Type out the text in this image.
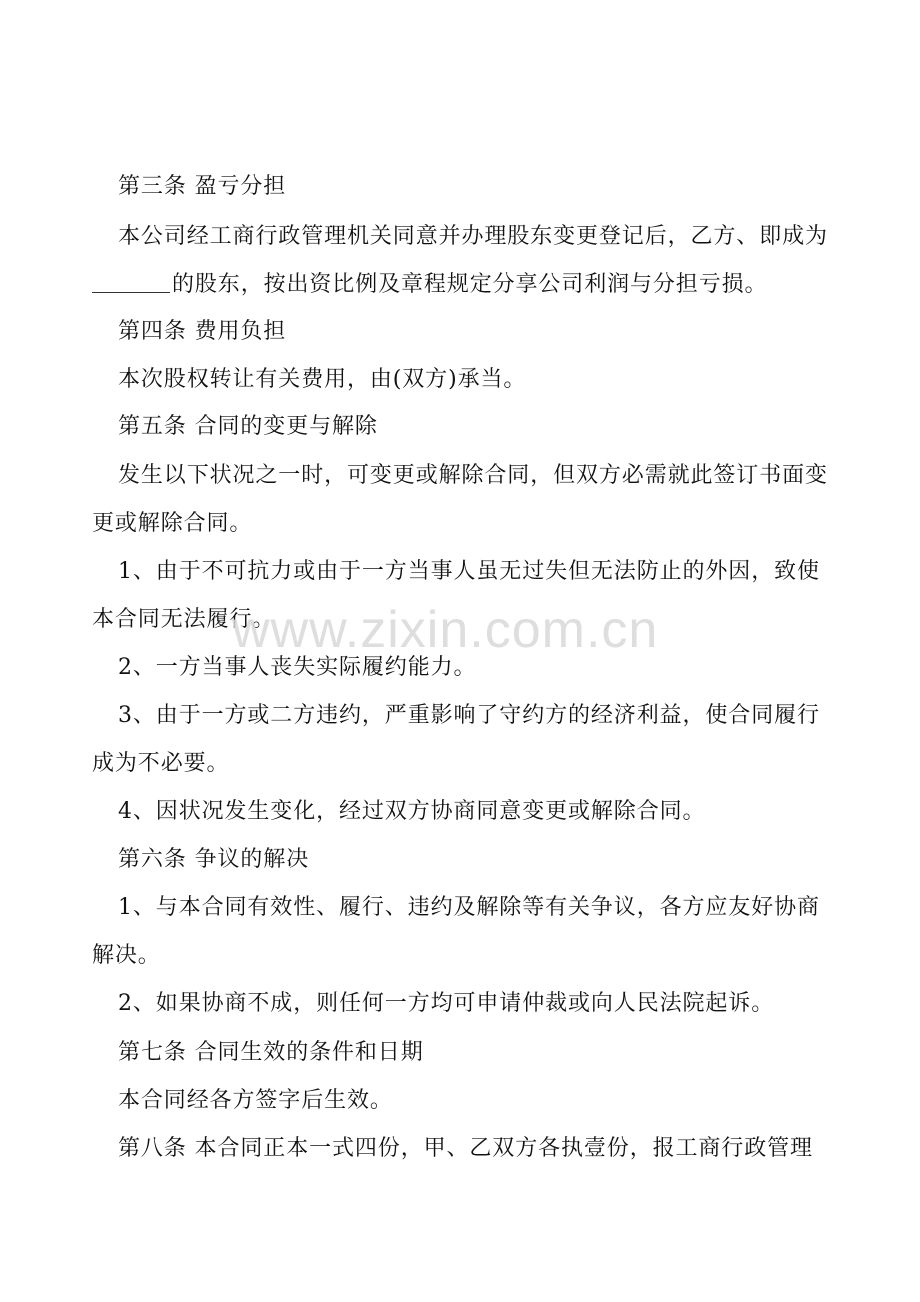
第三条 盈亏分担
本公司经工商行政管理机关同意并办理股东变更登记后，乙方、即成为
的股东，按出资比例及章程规定分享公司利润与分担亏损。
第四条 费用负担
本次股权转让有关费用，由(双方)承当。
第五条 合同的变更与解除
发生以下状况之一时，可变更或解除合同，但双方必需就此签订书面变
更或解除合同。
1、由于不可抗力或由于一方当事人虽无过失但无法防止的外因，致使
本合同无法履行。
2、一方当事人丧失实际履约能力。
3、由于一方或二方违约，严重影响了守约方的经济利益，使合同履行
成为不必要。
4、因状况发生变化，经过双方协商同意变更或解除合同。
第六条 争议的解决
1、与本合同有效性、履行、违约及解除等有关争议，各方应友好协商
解决。
2、如果协商不成，则任何一方均可申请仲裁或向人民法院起诉。
第七条 合同生效的条件和日期
本合同经各方签字后生效。
第八条 本合同正本一式四份，甲、乙双方各执壹份，报工商行政管理
www.zixin.com.cn
